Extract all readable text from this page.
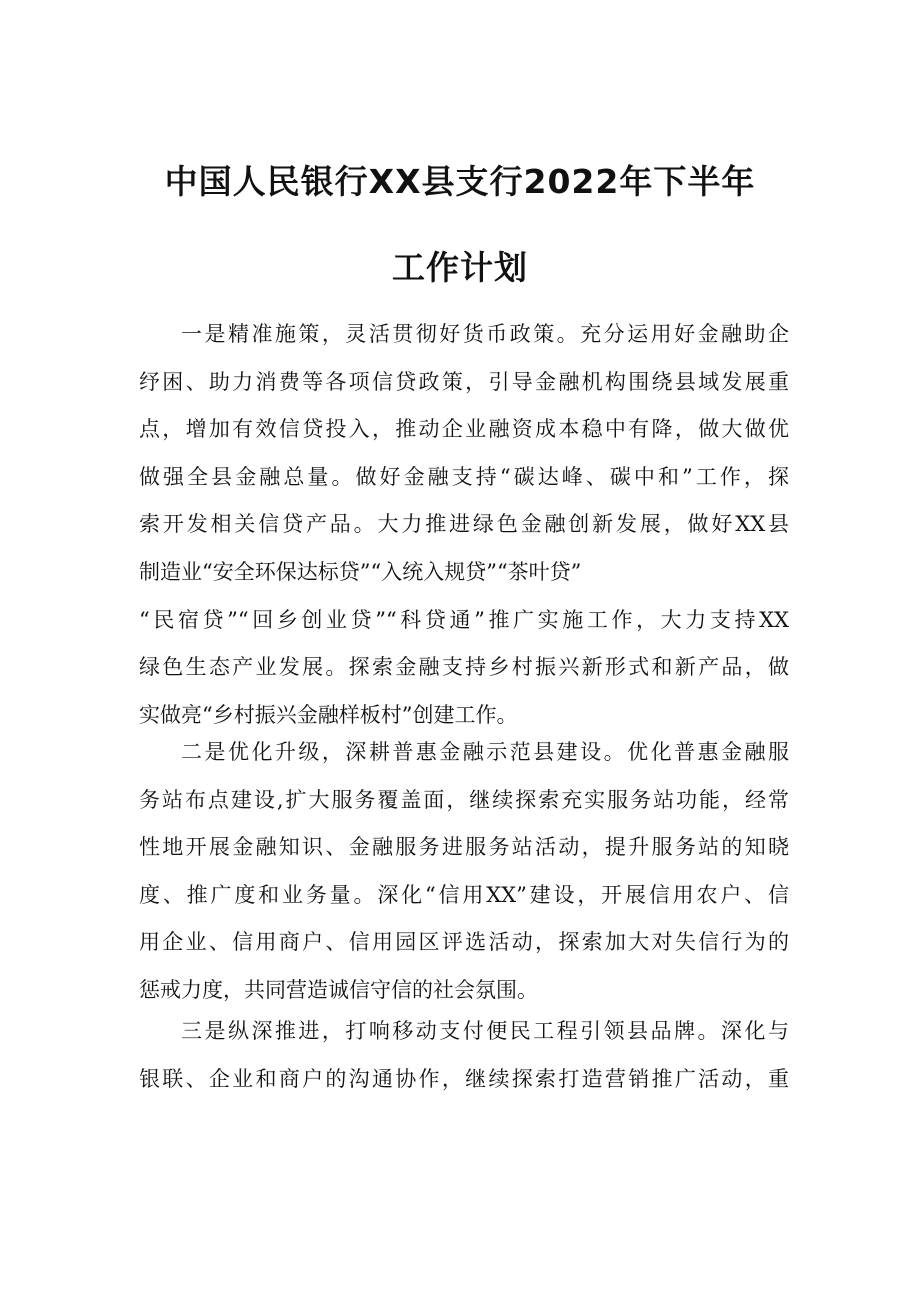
中国人民银行XX县支行2022年下半年
工作计划
一是精准施策，灵活贯彻好货币政策。充分运用好金融助企
纾困、助力消费等各项信贷政策，引导金融机构围绕县域发展重
点，增加有效信贷投入，推动企业融资成本稳中有降，做大做优
做强全县金融总量。做好金融支持“碳达峰、碳中和”工作，探
索开发相关信贷产品。大力推进绿色金融创新发展，做好XX县
制造业“安全环保达标贷”“入统入规贷”“茶叶贷”
“民宿贷”“回乡创业贷”“科贷通”推广实施工作，大力支持XX
绿色生态产业发展。探索金融支持乡村振兴新形式和新产品，做
实做亮“乡村振兴金融样板村”创建工作。
二是优化升级，深耕普惠金融示范县建设。优化普惠金融服
务站布点建设,扩大服务覆盖面，继续探索充实服务站功能，经常
性地开展金融知识、金融服务进服务站活动，提升服务站的知晓
度、推广度和业务量。深化“信用XX”建设，开展信用农户、信
用企业、信用商户、信用园区评选活动，探索加大对失信行为的
惩戒力度，共同营造诚信守信的社会氛围。
三是纵深推进，打响移动支付便民工程引领县品牌。深化与
银联、企业和商户的沟通协作，继续探索打造营销推广活动，重
